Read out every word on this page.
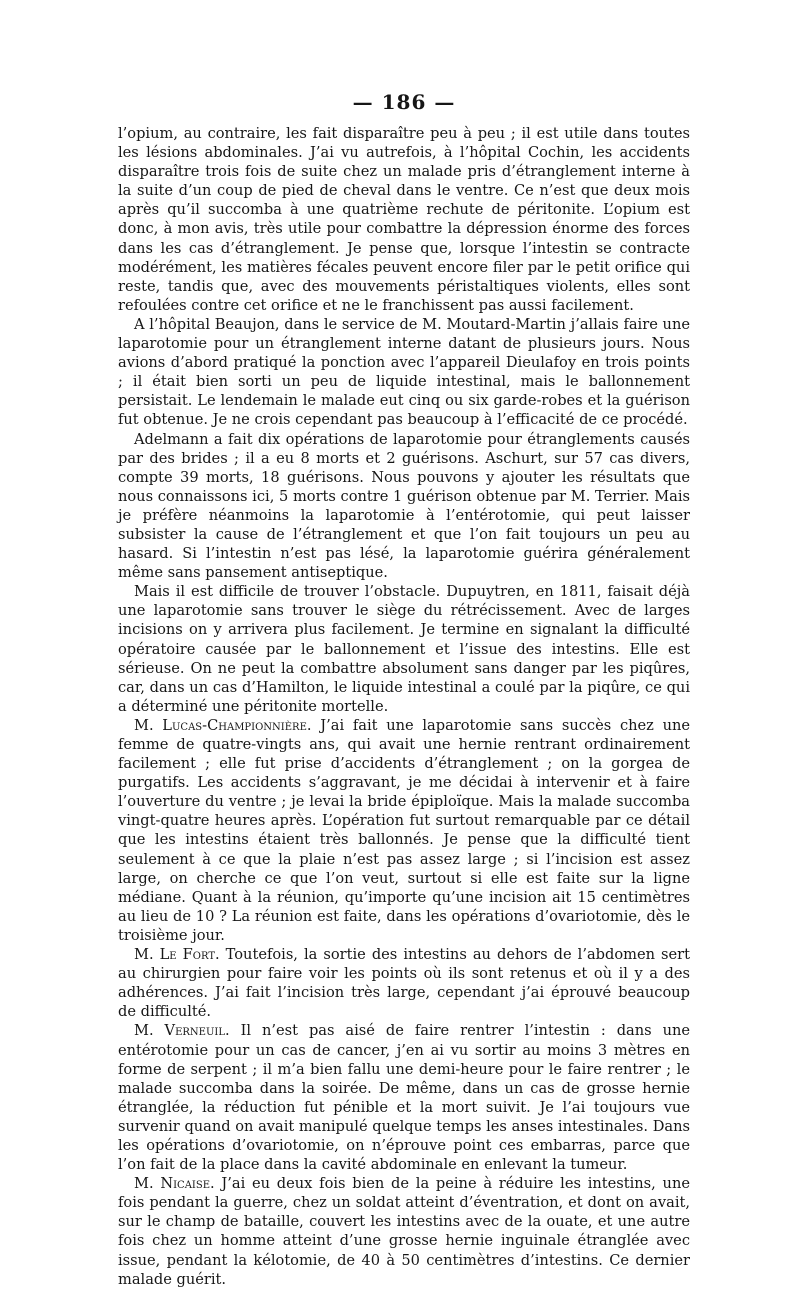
— 186 —

l’opium, au contraire, les fait disparaître peu à peu ; il est utile dans toutes les lésions abdominales. J’ai vu autrefois, à l’hôpital Cochin, les accidents disparaître trois fois de suite chez un malade pris d’étranglement interne à la suite d’un coup de pied de cheval dans le ventre. Ce n’est que deux mois après qu’il succomba à une quatrième rechute de péritonite. L’opium est donc, à mon avis, très utile pour combattre la dépression énorme des forces dans les cas d’étranglement. Je pense que, lorsque l’intestin se contracte modérément, les matières fécales peuvent encore filer par le petit orifice qui reste, tandis que, avec des mouvements péristaltiques violents, elles sont refoulées contre cet orifice et ne le franchissent pas aussi facilement.

A l’hôpital Beaujon, dans le service de M. Moutard-Martin j’allais faire une laparotomie pour un étranglement interne datant de plusieurs jours. Nous avions d’abord pratiqué la ponction avec l’appareil Dieulafoy en trois points ; il était bien sorti un peu de liquide intestinal, mais le ballonnement persistait. Le lendemain le malade eut cinq ou six garde-robes et la guérison fut obtenue. Je ne crois cependant pas beaucoup à l’efficacité de ce procédé.

Adelmann a fait dix opérations de laparotomie pour étranglements causés par des brides ; il a eu 8 morts et 2 guérisons. Aschurt, sur 57 cas divers, compte 39 morts, 18 guérisons. Nous pouvons y ajouter les résultats que nous connaissons ici, 5 morts contre 1 guérison obtenue par M. Terrier. Mais je préfère néanmoins la laparotomie à l’entérotomie, qui peut laisser subsister la cause de l’étranglement et que l’on fait toujours un peu au hasard. Si l’intestin n’est pas lésé, la laparotomie guérira généralement même sans pansement antiseptique.

Mais il est difficile de trouver l’obstacle. Dupuytren, en 1811, faisait déjà une laparotomie sans trouver le siège du rétrécissement. Avec de larges incisions on y arrivera plus facilement. Je termine en signalant la difficulté opératoire causée par le ballonnement et l’issue des intestins. Elle est sérieuse. On ne peut la combattre absolument sans danger par les piqûres, car, dans un cas d’Hamilton, le liquide intestinal a coulé par la piqûre, ce qui a déterminé une péritonite mortelle.

M. Lucas-Championnière. J’ai fait une laparotomie sans succès chez une femme de quatre-vingts ans, qui avait une hernie rentrant ordinairement facilement ; elle fut prise d’accidents d’étranglement ; on la gorgea de purgatifs. Les accidents s’aggravant, je me décidai à intervenir et à faire l’ouverture du ventre ; je levai la bride épiploïque. Mais la malade succomba vingt-quatre heures après. L’opération fut surtout remarquable par ce détail que les intestins étaient très ballonnés. Je pense que la difficulté tient seulement à ce que la plaie n’est pas assez large ; si l’incision est assez large, on cherche ce que l’on veut, surtout si elle est faite sur la ligne médiane. Quant à la réunion, qu’importe qu’une incision ait 15 centimètres au lieu de 10 ? La réunion est faite, dans les opérations d’ovariotomie, dès le troisième jour.

M. Le Fort. Toutefois, la sortie des intestins au dehors de l’abdomen sert au chirurgien pour faire voir les points où ils sont retenus et où il y a des adhérences. J’ai fait l’incision très large, cependant j’ai éprouvé beaucoup de difficulté.

M. Verneuil. Il n’est pas aisé de faire rentrer l’intestin : dans une entérotomie pour un cas de cancer, j’en ai vu sortir au moins 3 mètres en forme de serpent ; il m’a bien fallu une demi-heure pour le faire rentrer ; le malade succomba dans la soirée. De même, dans un cas de grosse hernie étranglée, la réduction fut pénible et la mort suivit. Je l’ai toujours vue survenir quand on avait manipulé quelque temps les anses intestinales. Dans les opérations d’ovariotomie, on n’éprouve point ces embarras, parce que l’on fait de la place dans la cavité abdominale en enlevant la tumeur.

M. Nicaise. J’ai eu deux fois bien de la peine à réduire les intestins, une fois pendant la guerre, chez un soldat atteint d’éventration, et dont on avait, sur le champ de bataille, couvert les intestins avec de la ouate, et une autre fois chez un homme atteint d’une grosse hernie inguinale étranglée avec issue, pendant la kélotomie, de 40 à 50 centimètres d’intestins. Ce dernier malade guérit.
